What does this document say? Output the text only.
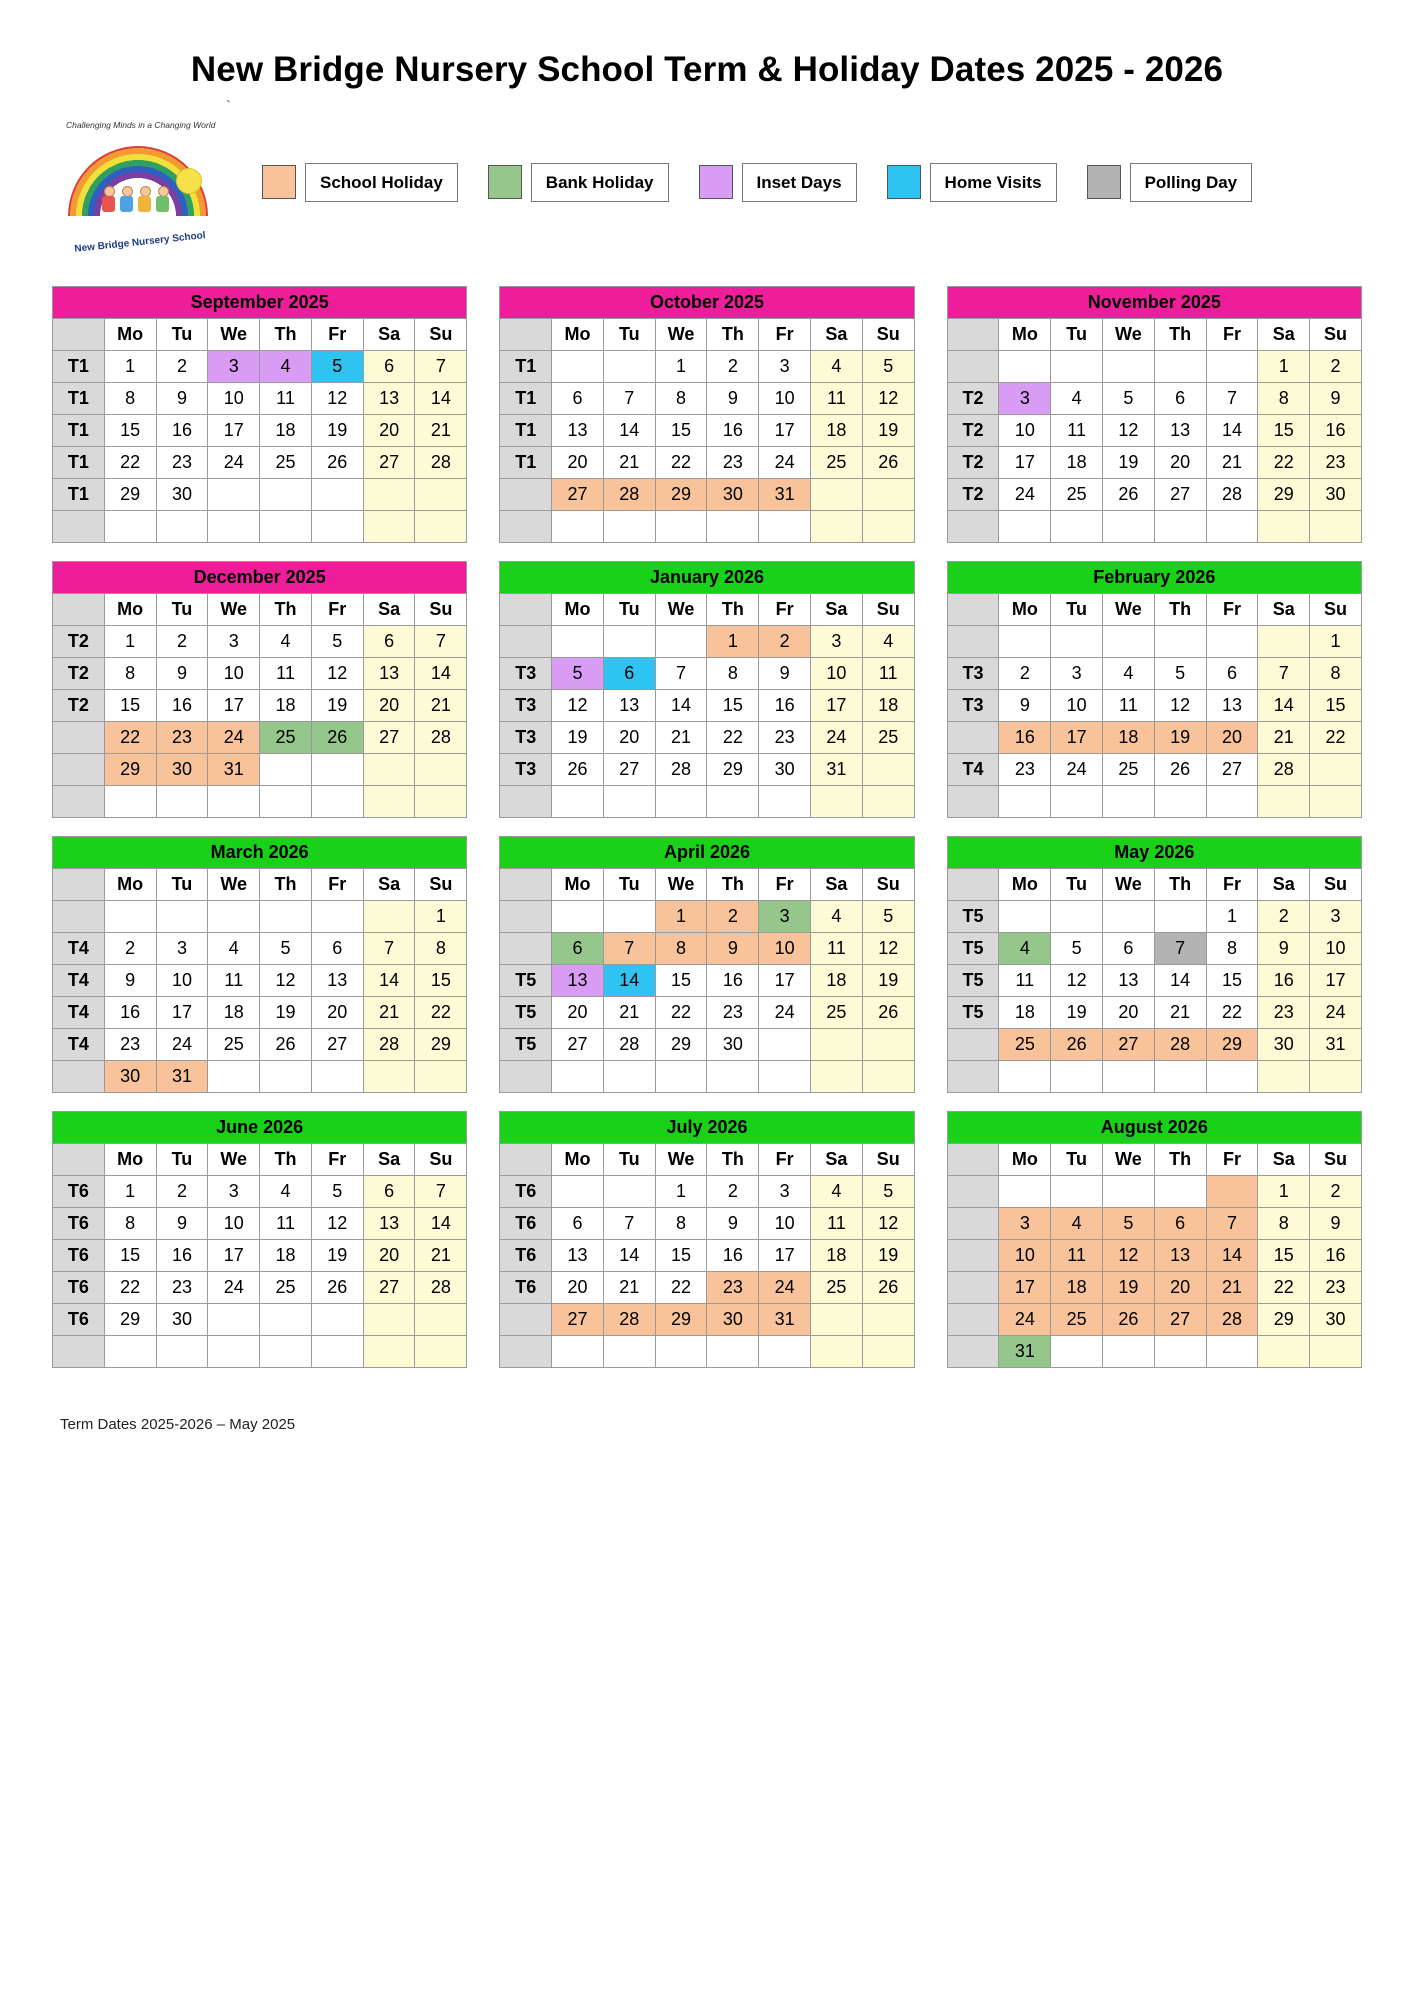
New Bridge Nursery School Term & Holiday Dates 2025 - 2026
`
Challenging Minds in a Changing World
New Bridge Nursery School
School Holiday	Bank Holiday	Inset Days	Home Visits	Polling Day
September 2025							
	Mo	Tu	We	Th	Fr	Sa	Su
T1	1	2	3	4	5	6	7
T1	8	9	10	11	12	13	14
T1	15	16	17	18	19	20	21
T1	22	23	24	25	26	27	28
T1	29	30					

October 2025							
	Mo	Tu	We	Th	Fr	Sa	Su
T1			1	2	3	4	5
T1	6	7	8	9	10	11	12
T1	13	14	15	16	17	18	19
T1	20	21	22	23	24	25	26
	27	28	29	30	31		

November 2025							
	Mo	Tu	We	Th	Fr	Sa	Su
						1	2
T2	3	4	5	6	7	8	9
T2	10	11	12	13	14	15	16
T2	17	18	19	20	21	22	23
T2	24	25	26	27	28	29	30

December 2025							
	Mo	Tu	We	Th	Fr	Sa	Su
T2	1	2	3	4	5	6	7
T2	8	9	10	11	12	13	14
T2	15	16	17	18	19	20	21
	22	23	24	25	26	27	28
	29	30	31				

January 2026							
	Mo	Tu	We	Th	Fr	Sa	Su
				1	2	3	4
T3	5	6	7	8	9	10	11
T3	12	13	14	15	16	17	18
T3	19	20	21	22	23	24	25
T3	26	27	28	29	30	31	

February 2026							
	Mo	Tu	We	Th	Fr	Sa	Su
							1
T3	2	3	4	5	6	7	8
T3	9	10	11	12	13	14	15
	16	17	18	19	20	21	22
T4	23	24	25	26	27	28	

March 2026							
	Mo	Tu	We	Th	Fr	Sa	Su
							1
T4	2	3	4	5	6	7	8
T4	9	10	11	12	13	14	15
T4	16	17	18	19	20	21	22
T4	23	24	25	26	27	28	29
	30	31					
April 2026							
	Mo	Tu	We	Th	Fr	Sa	Su
			1	2	3	4	5
	6	7	8	9	10	11	12
T5	13	14	15	16	17	18	19
T5	20	21	22	23	24	25	26
T5	27	28	29	30			

May 2026							
	Mo	Tu	We	Th	Fr	Sa	Su
T5					1	2	3
T5	4	5	6	7	8	9	10
T5	11	12	13	14	15	16	17
T5	18	19	20	21	22	23	24
	25	26	27	28	29	30	31

June 2026							
	Mo	Tu	We	Th	Fr	Sa	Su
T6	1	2	3	4	5	6	7
T6	8	9	10	11	12	13	14
T6	15	16	17	18	19	20	21
T6	22	23	24	25	26	27	28
T6	29	30					

July 2026							
	Mo	Tu	We	Th	Fr	Sa	Su
T6			1	2	3	4	5
T6	6	7	8	9	10	11	12
T6	13	14	15	16	17	18	19
T6	20	21	22	23	24	25	26
	27	28	29	30	31		

August 2026							
	Mo	Tu	We	Th	Fr	Sa	Su
						1	2
	3	4	5	6	7	8	9
	10	11	12	13	14	15	16
	17	18	19	20	21	22	23
	24	25	26	27	28	29	30
	31						
Term Dates 2025-2026 – May 2025
